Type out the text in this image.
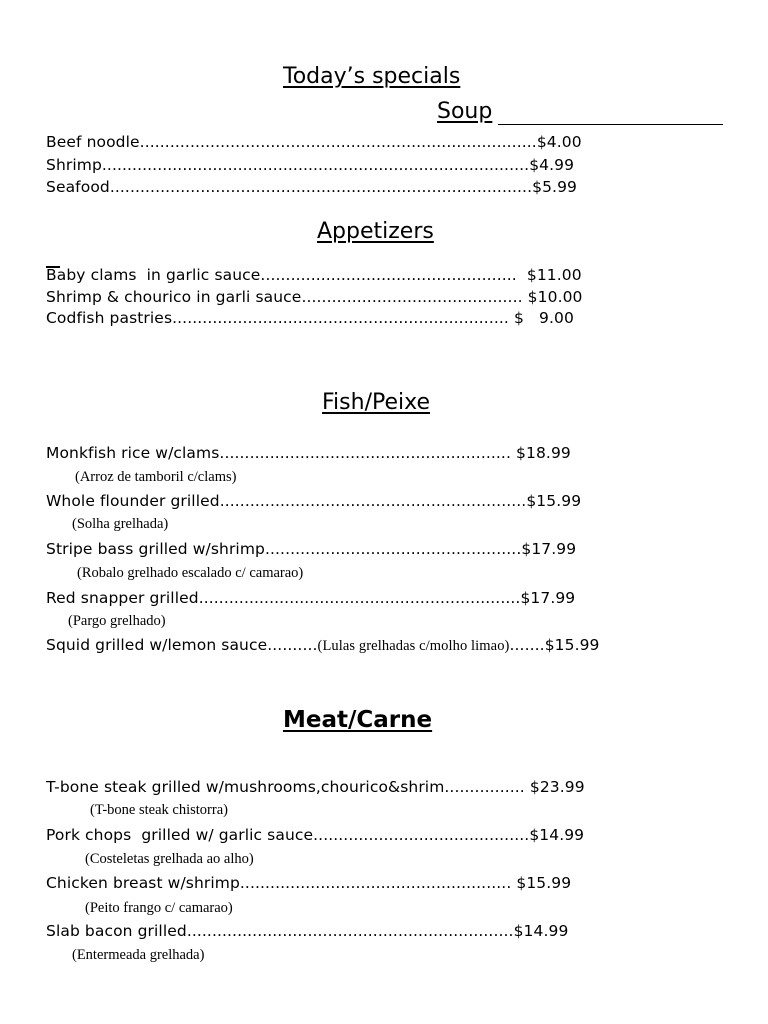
Today’s specials
Soup
Beef noodle...............................................................................$4.00
Shrimp.....................................................................................$4.99
Seafood....................................................................................$5.99
Appetizers
Baby clams  in garlic sauce...................................................  $11.00
Shrimp & chourico in garli sauce............................................ $10.00
Codfish pastries................................................................... $   9.00
Fish/Peixe
Monkfish rice w/clams.......................................................... $18.99
(Arroz de tamboril c/clams)
Whole flounder grilled.............................................................$15.99
(Solha grelhada)
Stripe bass grilled w/shrimp...................................................$17.99
(Robalo grelhado escalado c/ camarao)
Red snapper grilled................................................................$17.99
(Pargo grelhado)
Squid grilled w/lemon sauce..........(Lulas grelhadas c/molho limao).......$15.99
Meat/Carne
T-bone steak grilled w/mushrooms,chourico&shrim................ $23.99
(T-bone steak chistorra)
Pork chops  grilled w/ garlic sauce...........................................$14.99
(Costeletas grelhada ao alho)
Chicken breast w/shrimp...................................................... $15.99
(Peito frango c/ camarao)
Slab bacon grilled.................................................................$14.99
(Entermeada grelhada)
